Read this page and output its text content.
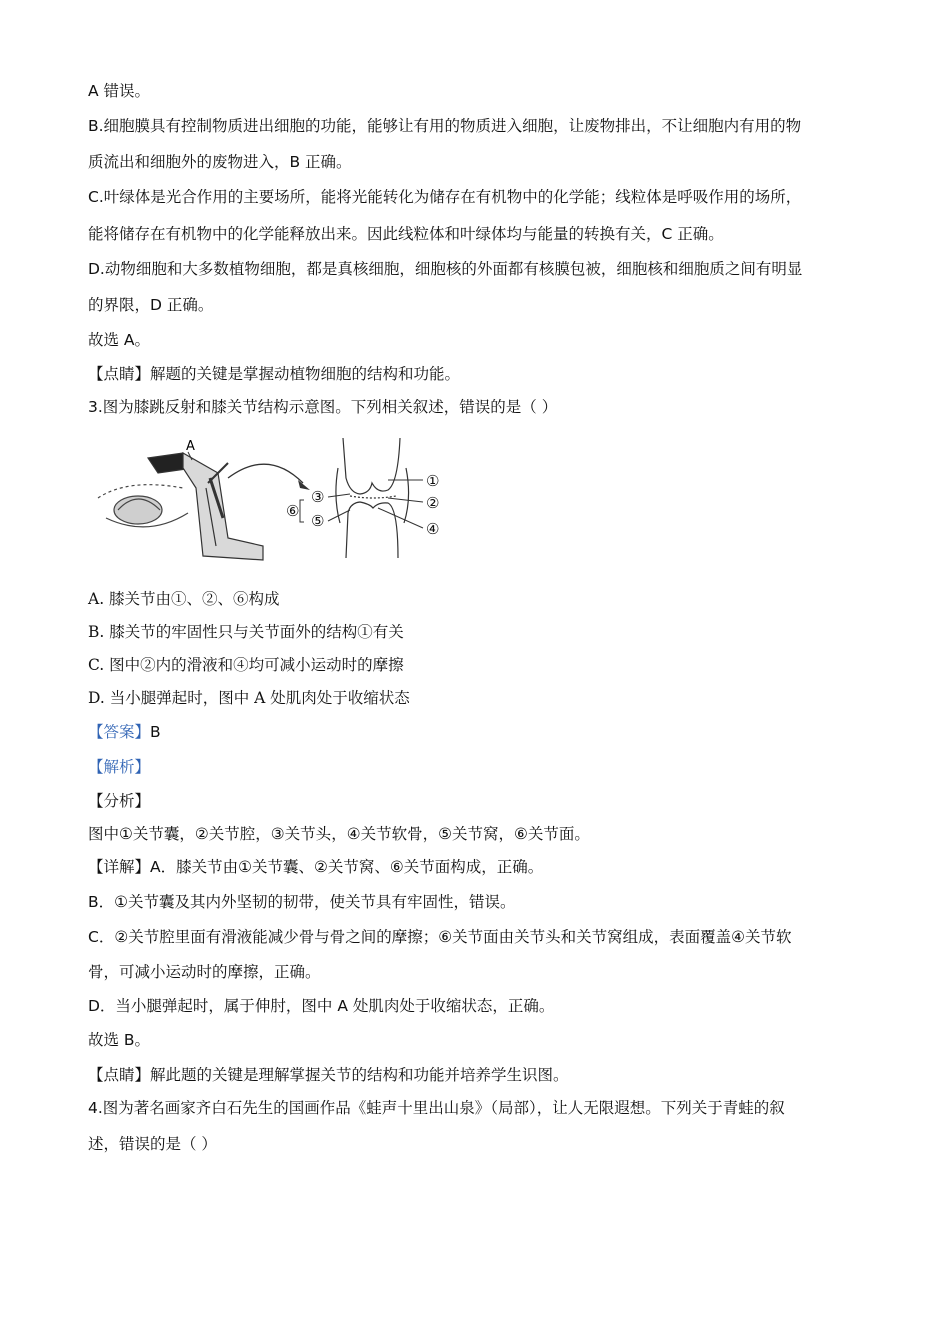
A 错误。
B.细胞膜具有控制物质进出细胞的功能，能够让有用的物质进入细胞，让废物排出，不让细胞内有用的物
质流出和细胞外的废物进入，B 正确。
C.叶绿体是光合作用的主要场所，能将光能转化为储存在有机物中的化学能；线粒体是呼吸作用的场所，
能将储存在有机物中的化学能释放出来。因此线粒体和叶绿体均与能量的转换有关，C 正确。
D.动物细胞和大多数植物细胞，都是真核细胞，细胞核的外面都有核膜包被，细胞核和细胞质之间有明显
的界限，D 正确。
故选 A。
【点睛】解题的关键是掌握动植物细胞的结构和功能。
3.图为膝跳反射和膝关节结构示意图。下列相关叙述，错误的是（ ）
A
①
②
③
④
⑤
⑥
A. 膝关节由①、②、⑥构成
B. 膝关节的牢固性只与关节面外的结构①有关
C. 图中②内的滑液和④均可减小运动时的摩擦
D. 当小腿弹起时，图中 A 处肌肉处于收缩状态
【答案】B
【解析】
【分析】
图中①关节囊，②关节腔，③关节头，④关节软骨，⑤关节窝，⑥关节面。
【详解】A．膝关节由①关节囊、②关节窝、⑥关节面构成，正确。
B．①关节囊及其内外坚韧的韧带，使关节具有牢固性，错误。
C．②关节腔里面有滑液能减少骨与骨之间的摩擦；⑥关节面由关节头和关节窝组成，表面覆盖④关节软
骨，可减小运动时的摩擦，正确。
D．当小腿弹起时，属于伸肘，图中 A 处肌肉处于收缩状态，正确。
故选 B。
【点睛】解此题的关键是理解掌握关节的结构和功能并培养学生识图。
4.图为著名画家齐白石先生的国画作品《蛙声十里出山泉》（局部），让人无限遐想。下列关于青蛙的叙
述，错误的是（ ）
